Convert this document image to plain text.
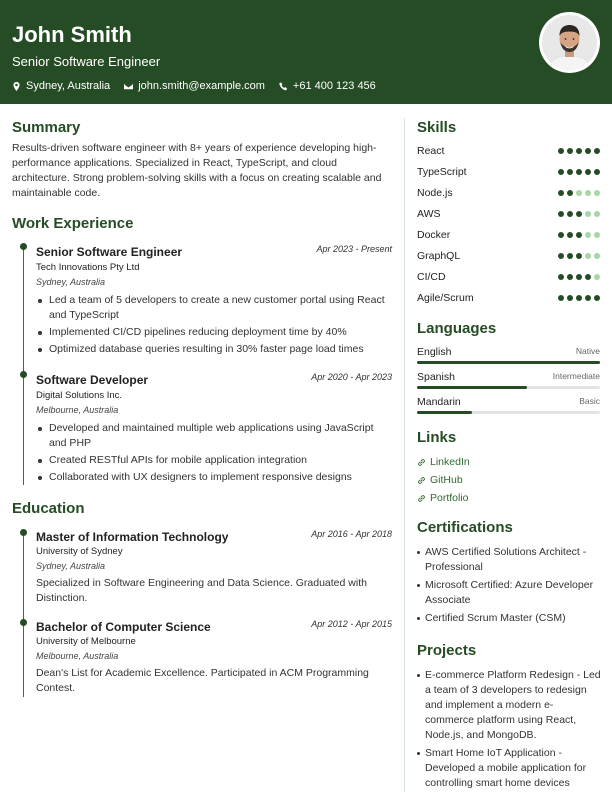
John Smith
Senior Software Engineer
Sydney, Australia	john.smith@example.com	+61 400 123 456
Summary
Results-driven software engineer with 8+ years of experience developing high-performance applications. Specialized in React, TypeScript, and cloud architecture. Strong problem-solving skills with a focus on creating scalable and maintainable code.
Work Experience
Senior Software Engineer	Apr 2023 - Present
Tech Innovations Pty Ltd
Sydney, Australia
Led a team of 5 developers to create a new customer portal using React and TypeScript
Implemented CI/CD pipelines reducing deployment time by 40%
Optimized database queries resulting in 30% faster page load times
Software Developer	Apr 2020 - Apr 2023
Digital Solutions Inc.
Melbourne, Australia
Developed and maintained multiple web applications using JavaScript and PHP
Created RESTful APIs for mobile application integration
Collaborated with UX designers to implement responsive designs
Education
Master of Information Technology	Apr 2016 - Apr 2018
University of Sydney
Sydney, Australia
Specialized in Software Engineering and Data Science. Graduated with Distinction.
Bachelor of Computer Science	Apr 2012 - Apr 2015
University of Melbourne
Melbourne, Australia
Dean's List for Academic Excellence. Participated in ACM Programming Contest.
Skills
React
TypeScript
Node.js
AWS
Docker
GraphQL
CI/CD
Agile/Scrum
Languages
English	Native
Spanish	Intermediate
Mandarin	Basic
Links
LinkedIn
GitHub
Portfolio
Certifications
AWS Certified Solutions Architect - Professional
Microsoft Certified: Azure Developer Associate
Certified Scrum Master (CSM)
Projects
E-commerce Platform Redesign - Led a team of 3 developers to redesign and implement a modern e-commerce platform using React, Node.js, and MongoDB.
Smart Home IoT Application - Developed a mobile application for controlling smart home devices
